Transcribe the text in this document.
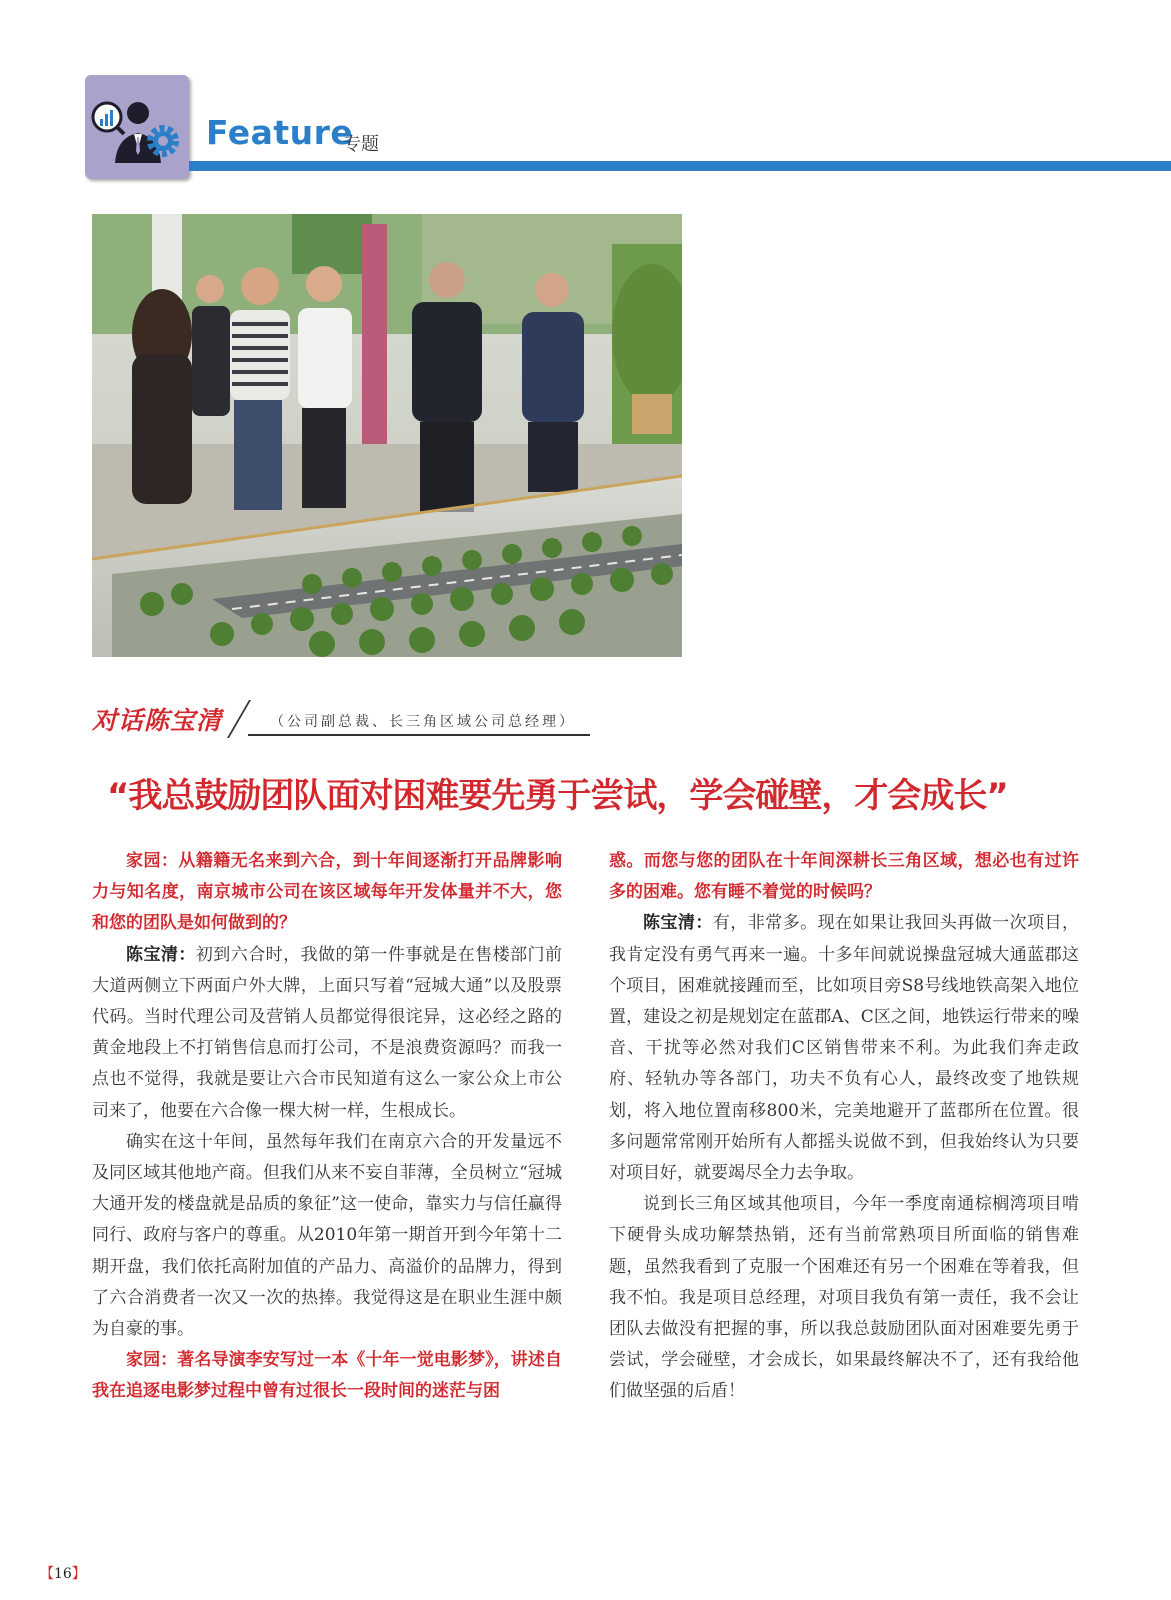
Feature
专题
对话陈宝清	（公司副总裁、长三角区域公司总经理）
“我总鼓励团队面对困难要先勇于尝试，学会碰壁，才会成长”

家园：从籍籍无名来到六合，到十年间逐渐打开品牌影响力与知名度，南京城市公司在该区域每年开发体量并不大，您和您的团队是如何做到的？

陈宝清：初到六合时，我做的第一件事就是在售楼部门前大道两侧立下两面户外大牌，上面只写着“冠城大通”以及股票代码。当时代理公司及营销人员都觉得很诧异，这必经之路的黄金地段上不打销售信息而打公司，不是浪费资源吗？而我一点也不觉得，我就是要让六合市民知道有这么一家公众上市公司来了，他要在六合像一棵大树一样，生根成长。

确实在这十年间，虽然每年我们在南京六合的开发量远不及同区域其他地产商。但我们从来不妄自菲薄，全员树立“冠城大通开发的楼盘就是品质的象征”这一使命，靠实力与信任赢得同行、政府与客户的尊重。从2010年第一期首开到今年第十二期开盘，我们依托高附加值的产品力、高溢价的品牌力，得到了六合消费者一次又一次的热捧。我觉得这是在职业生涯中颇为自豪的事。

家园：著名导演李安写过一本《十年一觉电影梦》，讲述自我在追逐电影梦过程中曾有过很长一段时间的迷茫与困

惑。而您与您的团队在十年间深耕长三角区域，想必也有过许多的困难。您有睡不着觉的时候吗？

陈宝清：有，非常多。现在如果让我回头再做一次项目，我肯定没有勇气再来一遍。十多年间就说操盘冠城大通蓝郡这个项目，困难就接踵而至，比如项目旁S8号线地铁高架入地位置，建设之初是规划定在蓝郡A、C区之间，地铁运行带来的噪音、干扰等必然对我们C区销售带来不利。为此我们奔走政府、轻轨办等各部门，功夫不负有心人，最终改变了地铁规划，将入地位置南移800米，完美地避开了蓝郡所在位置。很多问题常常刚开始所有人都摇头说做不到，但我始终认为只要对项目好，就要竭尽全力去争取。

说到长三角区域其他项目，今年一季度南通棕榈湾项目啃下硬骨头成功解禁热销，还有当前常熟项目所面临的销售难题，虽然我看到了克服一个困难还有另一个困难在等着我，但我不怕。我是项目总经理，对项目我负有第一责任，我不会让团队去做没有把握的事，所以我总鼓励团队面对困难要先勇于尝试，学会碰壁，才会成长，如果最终解决不了，还有我给他们做坚强的后盾！

【16】
